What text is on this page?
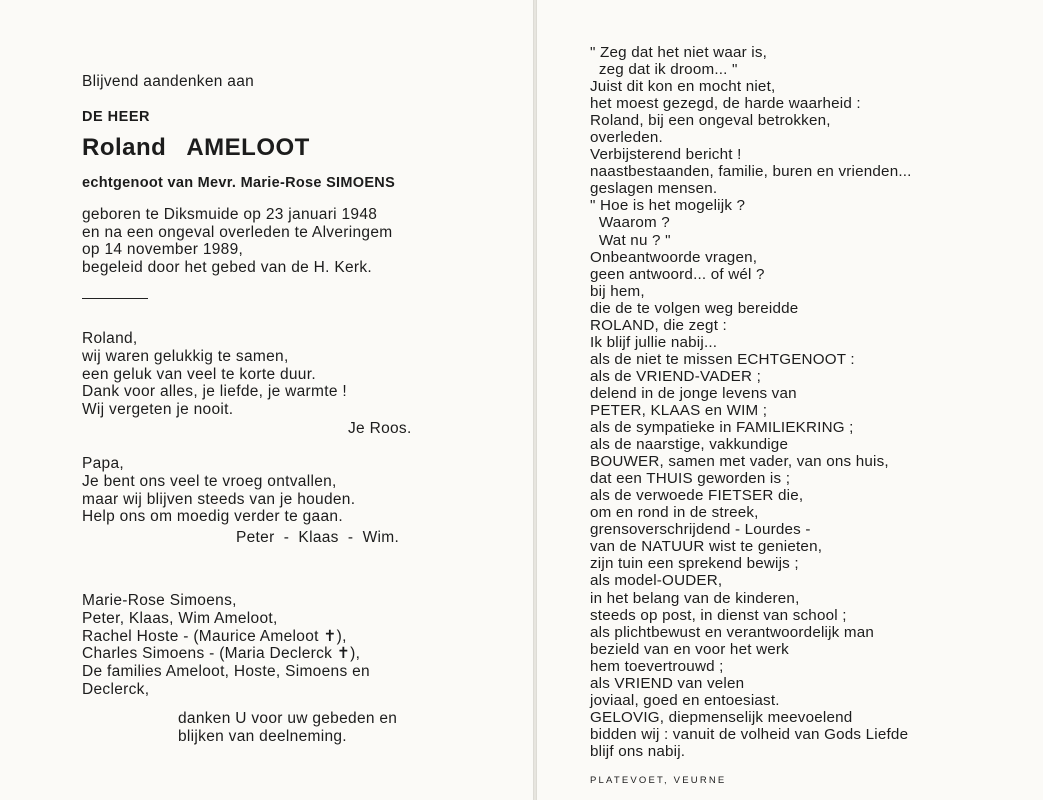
Blijvend aandenken aan
DE HEER
Roland AMELOOT
echtgenoot van Mevr. Marie-Rose SIMOENS
geboren te Diksmuide op 23 januari 1948
en na een ongeval overleden te Alveringem
op 14 november 1989,
begeleid door het gebed van de H. Kerk.
Roland,
wij waren gelukkig te samen,
een geluk van veel te korte duur.
Dank voor alles, je liefde, je warmte !
Wij vergeten je nooit.
Je Roos.
Papa,
Je bent ons veel te vroeg ontvallen,
maar wij blijven steeds van je houden.
Help ons om moedig verder te gaan.
Peter  -  Klaas  -  Wim.
Marie-Rose Simoens,
Peter, Klaas, Wim Ameloot,
Rachel Hoste - (Maurice Ameloot ✝),
Charles Simoens - (Maria Declerck ✝),
De families Ameloot, Hoste, Simoens en
Declerck,
danken U voor uw gebeden en
blijken van deelneming.
" Zeg dat het niet waar is,
zeg dat ik droom... "
Juist dit kon en mocht niet,
het moest gezegd, de harde waarheid :
Roland, bij een ongeval betrokken,
overleden.
Verbijsterend bericht !
naastbestaanden, familie, buren en vrienden...
geslagen mensen.
" Hoe is het mogelijk ?
Waarom ?
Wat nu ? "
Onbeantwoorde vragen,
geen antwoord... of wél ?
bij hem,
die de te volgen weg bereidde
ROLAND, die zegt :
Ik blijf jullie nabij...
als de niet te missen ECHTGENOOT :
als de VRIEND-VADER ;
delend in de jonge levens van
PETER, KLAAS en WIM ;
als de sympatieke in FAMILIEKRING ;
als de naarstige, vakkundige
BOUWER, samen met vader, van ons huis,
dat een THUIS geworden is ;
als de verwoede FIETSER die,
om en rond in de streek,
grensoverschrijdend - Lourdes -
van de NATUUR wist te genieten,
zijn tuin een sprekend bewijs ;
als model-OUDER,
in het belang van de kinderen,
steeds op post, in dienst van school ;
als plichtbewust en verantwoordelijk man
bezield van en voor het werk
hem toevertrouwd ;
als VRIEND van velen
joviaal, goed en entoesiast.
GELOVIG, diepmenselijk meevoelend
bidden wij : vanuit de volheid van Gods Liefde
blijf ons nabij.
PLATEVOET, VEURNE
